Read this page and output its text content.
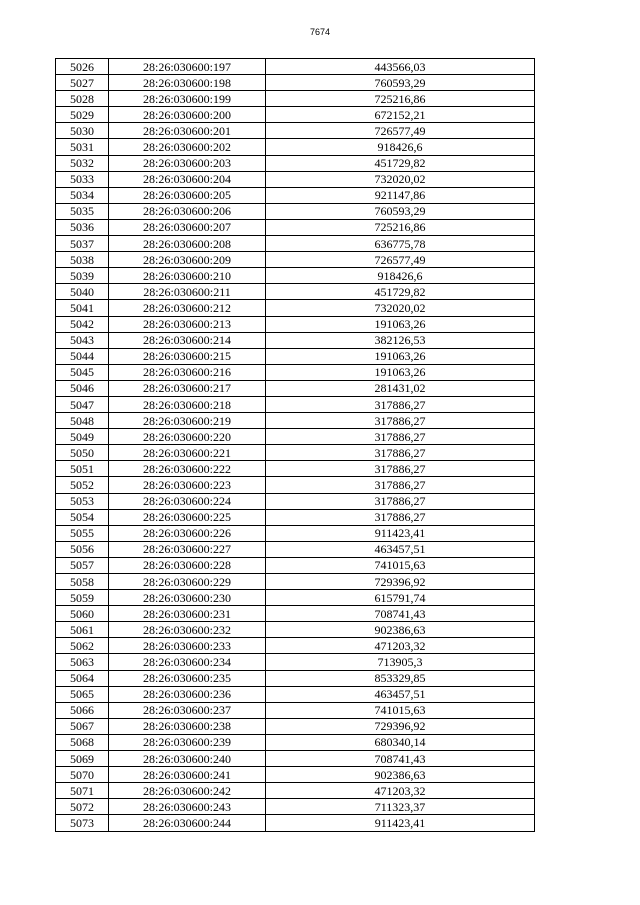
7674
5026	28:26:030600:197	443566,03
5027	28:26:030600:198	760593,29
5028	28:26:030600:199	725216,86
5029	28:26:030600:200	672152,21
5030	28:26:030600:201	726577,49
5031	28:26:030600:202	918426,6
5032	28:26:030600:203	451729,82
5033	28:26:030600:204	732020,02
5034	28:26:030600:205	921147,86
5035	28:26:030600:206	760593,29
5036	28:26:030600:207	725216,86
5037	28:26:030600:208	636775,78
5038	28:26:030600:209	726577,49
5039	28:26:030600:210	918426,6
5040	28:26:030600:211	451729,82
5041	28:26:030600:212	732020,02
5042	28:26:030600:213	191063,26
5043	28:26:030600:214	382126,53
5044	28:26:030600:215	191063,26
5045	28:26:030600:216	191063,26
5046	28:26:030600:217	281431,02
5047	28:26:030600:218	317886,27
5048	28:26:030600:219	317886,27
5049	28:26:030600:220	317886,27
5050	28:26:030600:221	317886,27
5051	28:26:030600:222	317886,27
5052	28:26:030600:223	317886,27
5053	28:26:030600:224	317886,27
5054	28:26:030600:225	317886,27
5055	28:26:030600:226	911423,41
5056	28:26:030600:227	463457,51
5057	28:26:030600:228	741015,63
5058	28:26:030600:229	729396,92
5059	28:26:030600:230	615791,74
5060	28:26:030600:231	708741,43
5061	28:26:030600:232	902386,63
5062	28:26:030600:233	471203,32
5063	28:26:030600:234	713905,3
5064	28:26:030600:235	853329,85
5065	28:26:030600:236	463457,51
5066	28:26:030600:237	741015,63
5067	28:26:030600:238	729396,92
5068	28:26:030600:239	680340,14
5069	28:26:030600:240	708741,43
5070	28:26:030600:241	902386,63
5071	28:26:030600:242	471203,32
5072	28:26:030600:243	711323,37
5073	28:26:030600:244	911423,41
